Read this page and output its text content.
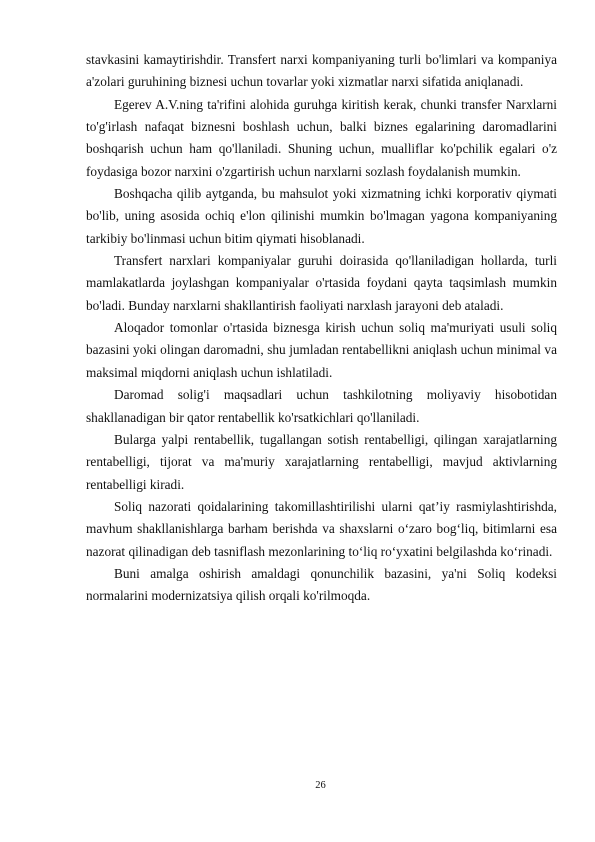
stavkasini kamaytirishdir. Transfert narxi kompaniyaning turli bo'limlari va kompaniya a'zolari guruhining biznesi uchun tovarlar yoki xizmatlar narxi sifatida aniqlanadi.

Egerev A.V.ning ta'rifini alohida guruhga kiritish kerak, chunki transfer Narxlarni to'g'irlash nafaqat biznesni boshlash uchun, balki biznes egalarining daromadlarini boshqarish uchun ham qo'llaniladi. Shuning uchun, mualliflar ko'pchilik egalari o'z foydasiga bozor narxini o'zgartirish uchun narxlarni sozlash foydalanish mumkin.

Boshqacha qilib aytganda, bu mahsulot yoki xizmatning ichki korporativ qiymati bo'lib, uning asosida ochiq e'lon qilinishi mumkin bo'lmagan yagona kompaniyaning tarkibiy bo'linmasi uchun bitim qiymati hisoblanadi.

Transfert narxlari kompaniyalar guruhi doirasida qo'llaniladigan hollarda, turli mamlakatlarda joylashgan kompaniyalar o'rtasida foydani qayta taqsimlash mumkin bo'ladi. Bunday narxlarni shakllantirish faoliyati narxlash jarayoni deb ataladi.

Aloqador tomonlar o'rtasida biznesga kirish uchun soliq ma'muriyati usuli soliq bazasini yoki olingan daromadni, shu jumladan rentabellikni aniqlash uchun minimal va maksimal miqdorni aniqlash uchun ishlatiladi.

Daromad solig'i maqsadlari uchun tashkilotning moliyaviy hisobotidan shakllanadigan bir qator rentabellik ko'rsatkichlari qo'llaniladi.

Bularga yalpi rentabellik, tugallangan sotish rentabelligi, qilingan xarajatlarning rentabelligi, tijorat va ma'muriy xarajatlarning rentabelligi, mavjud aktivlarning rentabelligi kiradi.

Soliq nazorati qoidalarining takomillashtirilishi ularni qat’iy rasmiylashtirishda, mavhum shakllanishlarga barham berishda va shaxslarni o‘zaro bog‘liq, bitimlarni esa nazorat qilinadigan deb tasniflash mezonlarining to‘liq ro‘yxatini belgilashda ko‘rinadi.

Buni amalga oshirish amaldagi qonunchilik bazasini, ya'ni Soliq kodeksi normalarini modernizatsiya qilish orqali ko'rilmoqda.

26
